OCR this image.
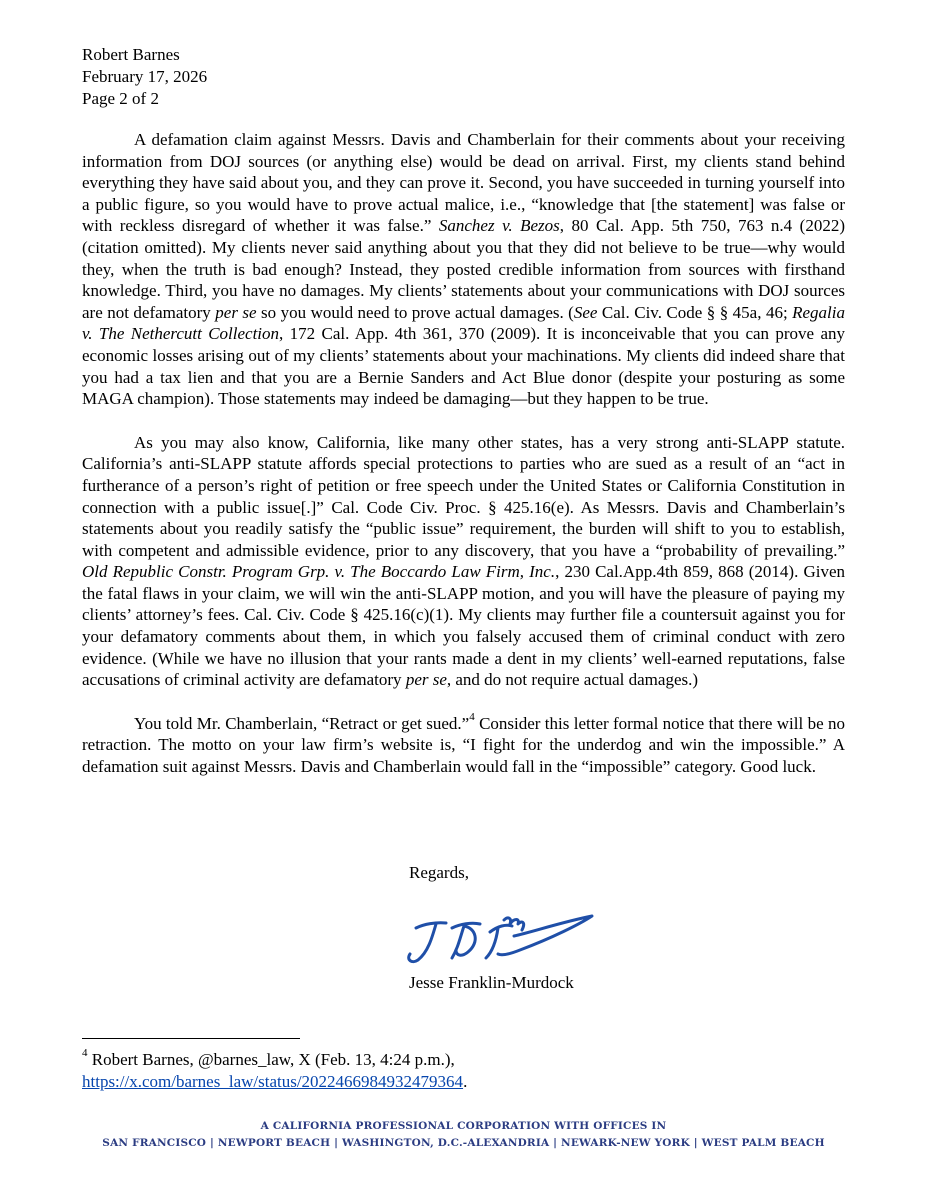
Robert Barnes
February 17, 2026
Page 2 of 2

A defamation claim against Messrs. Davis and Chamberlain for their comments about your receiving information from DOJ sources (or anything else) would be dead on arrival. First, my clients stand behind everything they have said about you, and they can prove it. Second, you have succeeded in turning yourself into a public figure, so you would have to prove actual malice, i.e., “knowledge that [the statement] was false or with reckless disregard of whether it was false.” Sanchez v. Bezos, 80 Cal. App. 5th 750, 763 n.4 (2022) (citation omitted). My clients never said anything about you that they did not believe to be true—why would they, when the truth is bad enough? Instead, they posted credible information from sources with firsthand knowledge. Third, you have no damages. My clients’ statements about your communications with DOJ sources are not defamatory per se so you would need to prove actual damages. (See Cal. Civ. Code § § 45a, 46; Regalia v. The Nethercutt Collection, 172 Cal. App. 4th 361, 370 (2009). It is inconceivable that you can prove any economic losses arising out of my clients’ statements about your machinations. My clients did indeed share that you had a tax lien and that you are a Bernie Sanders and Act Blue donor (despite your posturing as some MAGA champion). Those statements may indeed be damaging—but they happen to be true.

As you may also know, California, like many other states, has a very strong anti-SLAPP statute. California’s anti-SLAPP statute affords special protections to parties who are sued as a result of an “act in furtherance of a person’s right of petition or free speech under the United States or California Constitution in connection with a public issue[.]” Cal. Code Civ. Proc. § 425.16(e). As Messrs. Davis and Chamberlain’s statements about you readily satisfy the “public issue” requirement, the burden will shift to you to establish, with competent and admissible evidence, prior to any discovery, that you have a “probability of prevailing.” Old Republic Constr. Program Grp. v. The Boccardo Law Firm, Inc., 230 Cal.App.4th 859, 868 (2014). Given the fatal flaws in your claim, we will win the anti-SLAPP motion, and you will have the pleasure of paying my clients’ attorney’s fees. Cal. Civ. Code § 425.16(c)(1). My clients may further file a countersuit against you for your defamatory comments about them, in which you falsely accused them of criminal conduct with zero evidence. (While we have no illusion that your rants made a dent in my clients’ well-earned reputations, false accusations of criminal activity are defamatory per se, and do not require actual damages.)

You told Mr. Chamberlain, “Retract or get sued.”$^4$ Consider this letter formal notice that there will be no retraction. The motto on your law firm’s website is, “I fight for the underdog and win the impossible.” A defamation suit against Messrs. Davis and Chamberlain would fall in the “impossible” category. Good luck.

Regards,
Jesse Franklin-Murdock
$^4$ Robert Barnes, @barnes_law, X (Feb. 13, 4:24 p.m.),
https://x.com/barnes_law/status/2022466984932479364.
A CALIFORNIA PROFESSIONAL CORPORATION WITH OFFICES IN
SAN FRANCISCO | NEWPORT BEACH | WASHINGTON, D.C.-ALEXANDRIA | NEWARK-NEW YORK | WEST PALM BEACH
